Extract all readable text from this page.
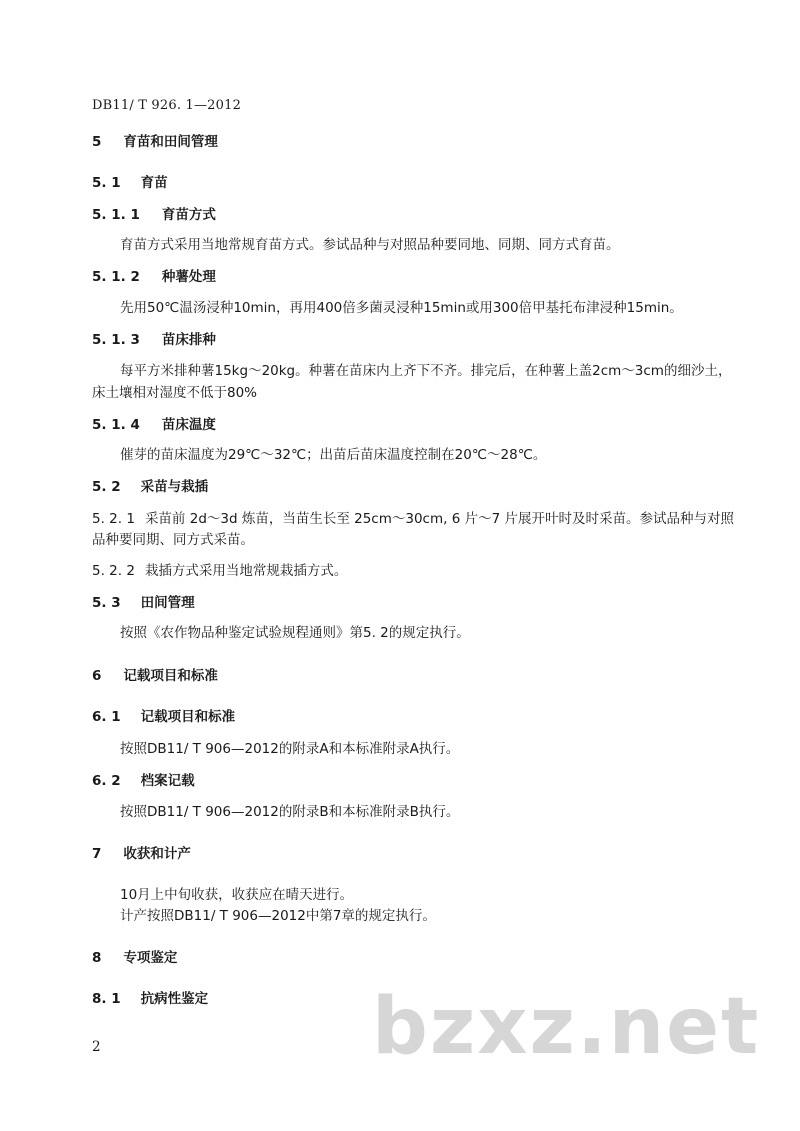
DB11/ T 926. 1—2012
5 育苗和田间管理
5. 1 育苗
5. 1. 1 育苗方式
育苗方式采用当地常规育苗方式。参试品种与对照品种要同地、同期、同方式育苗。
5. 1. 2 种薯处理
先用50℃温汤浸种10min，再用400倍多菌灵浸种15min或用300倍甲基托布津浸种15min。
5. 1. 3 苗床排种
每平方米排种薯15kg～20kg。种薯在苗床内上齐下不齐。排完后，在种薯上盖2cm～3cm的细沙土，
床土壤相对湿度不低于80%
5. 1. 4 苗床温度
催芽的苗床温度为29℃～32℃；出苗后苗床温度控制在20℃～28℃。
5. 2 采苗与栽插
5. 2. 1 采苗前 2d～3d 炼苗，当苗生长至 25cm～30cm, 6 片～7 片展开叶时及时采苗。参试品种与对照
品种要同期、同方式采苗。
5. 2. 2 栽插方式采用当地常规栽插方式。
5. 3 田间管理
按照《农作物品种鉴定试验规程通则》第5. 2的规定执行。
6 记载项目和标准
6. 1 记载项目和标准
按照DB11/ T 906—2012的附录A和本标准附录A执行。
6. 2 档案记载
按照DB11/ T 906—2012的附录B和本标准附录B执行。
7 收获和计产
10月上中旬收获，收获应在晴天进行。
计产按照DB11/ T 906—2012中第7章的规定执行。
8 专项鉴定
8. 1 抗病性鉴定 bzxz.net
2
